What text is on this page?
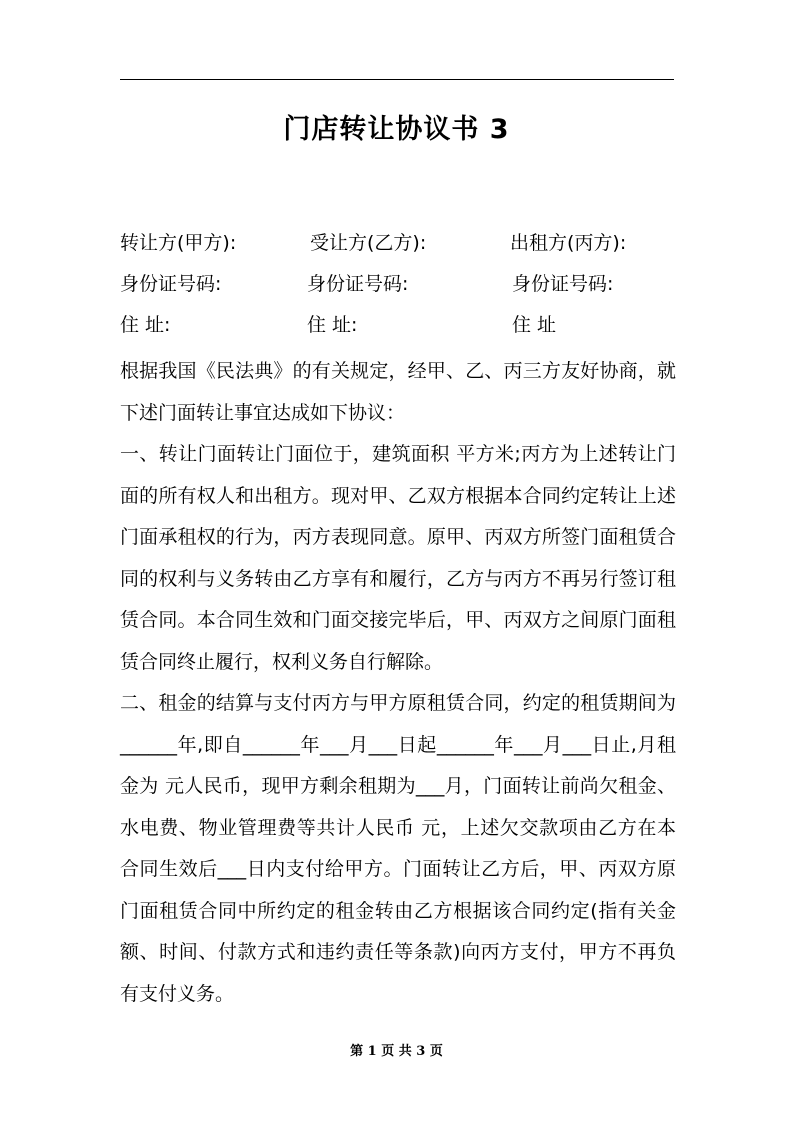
门店转让协议书 3
转让方(甲方):	受让方(乙方):	出租方(丙方):
身份证号码:	身份证号码:	身份证号码:
住 址:	住 址:	住 址

根据我国《民法典》的有关规定，经甲、乙、丙三方友好协商，就下述门面转让事宜达成如下协议：

一、转让门面转让门面位于，建筑面积 平方米;丙方为上述转让门面的所有权人和出租方。现对甲、乙双方根据本合同约定转让上述门面承租权的行为，丙方表现同意。原甲、丙双方所签门面租赁合同的权利与义务转由乙方享有和履行，乙方与丙方不再另行签订租赁合同。本合同生效和门面交接完毕后，甲、丙双方之间原门面租赁合同终止履行，权利义务自行解除。

二、租金的结算与支付丙方与甲方原租赁合同，约定的租赁期间为______年,即自______年___月___日起______年___月___日止,月租金为 元人民币，现甲方剩余租期为___月，门面转让前尚欠租金、水电费、物业管理费等共计人民币 元，上述欠交款项由乙方在本合同生效后___日内支付给甲方。门面转让乙方后，甲、丙双方原门面租赁合同中所约定的租金转由乙方根据该合同约定(指有关金额、时间、付款方式和违约责任等条款)向丙方支付，甲方不再负有支付义务。

第 1 页 共 3 页
